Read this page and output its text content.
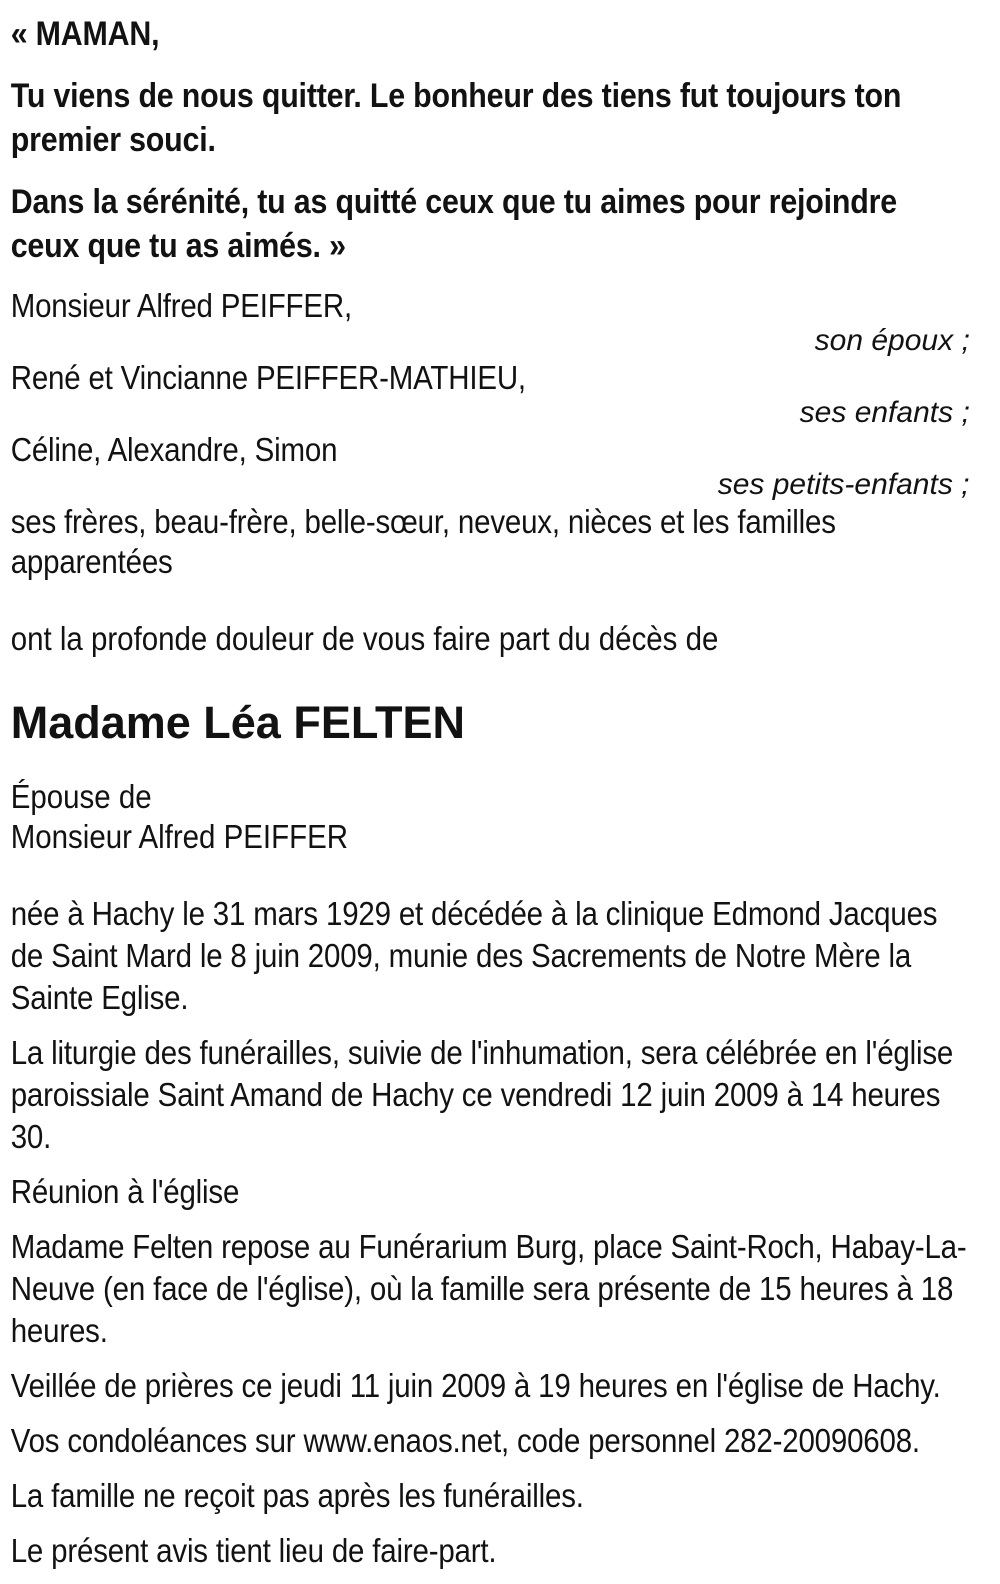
« MAMAN,

Tu viens de nous quitter. Le bonheur des tiens fut toujours ton premier souci.

Dans la sérénité, tu as quitté ceux que tu aimes pour rejoindre ceux que tu as aimés. »

Monsieur Alfred PEIFFER,

son époux ;

René et Vincianne PEIFFER-MATHIEU,

ses enfants ;

Céline, Alexandre, Simon

ses petits-enfants ;

ses frères, beau-frère, belle-sœur, neveux, nièces et les familles apparentées

ont la profonde douleur de vous faire part du décès de

Madame Léa FELTEN

Épouse de

Monsieur Alfred PEIFFER

née à Hachy le 31 mars 1929 et décédée à la clinique Edmond Jacques de Saint Mard le 8 juin 2009, munie des Sacrements de Notre Mère la Sainte Eglise.

La liturgie des funérailles, suivie de l'inhumation, sera célébrée en l'église paroissiale Saint Amand de Hachy ce vendredi 12 juin 2009 à 14 heures 30.

Réunion à l'église

Madame Felten repose au Funérarium Burg, place Saint-Roch, Habay-La-Neuve (en face de l'église), où la famille sera présente de 15 heures à 18 heures.

Veillée de prières ce jeudi 11 juin 2009 à 19 heures en l'église de Hachy.

Vos condoléances sur www.enaos.net, code personnel 282-20090608.

La famille ne reçoit pas après les funérailles.

Le présent avis tient lieu de faire-part.
